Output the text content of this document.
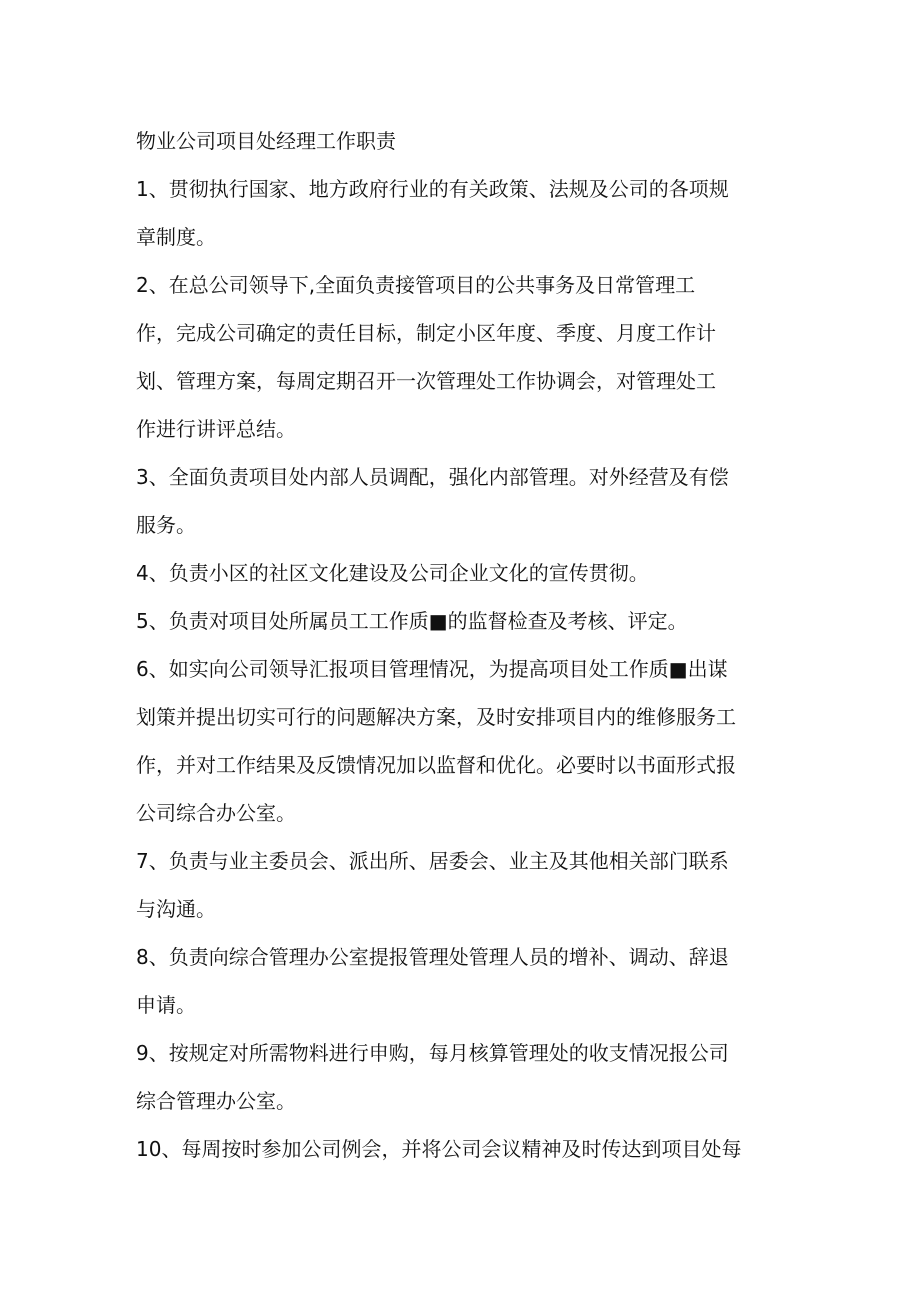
物业公司项目处经理工作职责
1、贯彻执行国家、地方政府行业的有关政策、法规及公司的各项规
章制度。
2、在总公司领导下,全面负责接管项目的公共事务及日常管理工
作，完成公司确定的责任目标，制定小区年度、季度、月度工作计
划、管理方案，每周定期召开一次管理处工作协调会，对管理处工
作进行讲评总结。
3、全面负责项目处内部人员调配，强化内部管理。对外经营及有偿
服务。
4、负责小区的社区文化建设及公司企业文化的宣传贯彻。
5、负责对项目处所属员工工作质■的监督检查及考核、评定。
6、如实向公司领导汇报项目管理情况，为提高项目处工作质■出谋
划策并提出切实可行的问题解决方案，及时安排项目内的维修服务工
作，并对工作结果及反馈情况加以监督和优化。必要时以书面形式报
公司综合办公室。
7、负责与业主委员会、派出所、居委会、业主及其他相关部门联系
与沟通。
8、负责向综合管理办公室提报管理处管理人员的增补、调动、辞退
申请。
9、按规定对所需物料进行申购，每月核算管理处的收支情况报公司
综合管理办公室。
10、每周按时参加公司例会，并将公司会议精神及时传达到项目处每
